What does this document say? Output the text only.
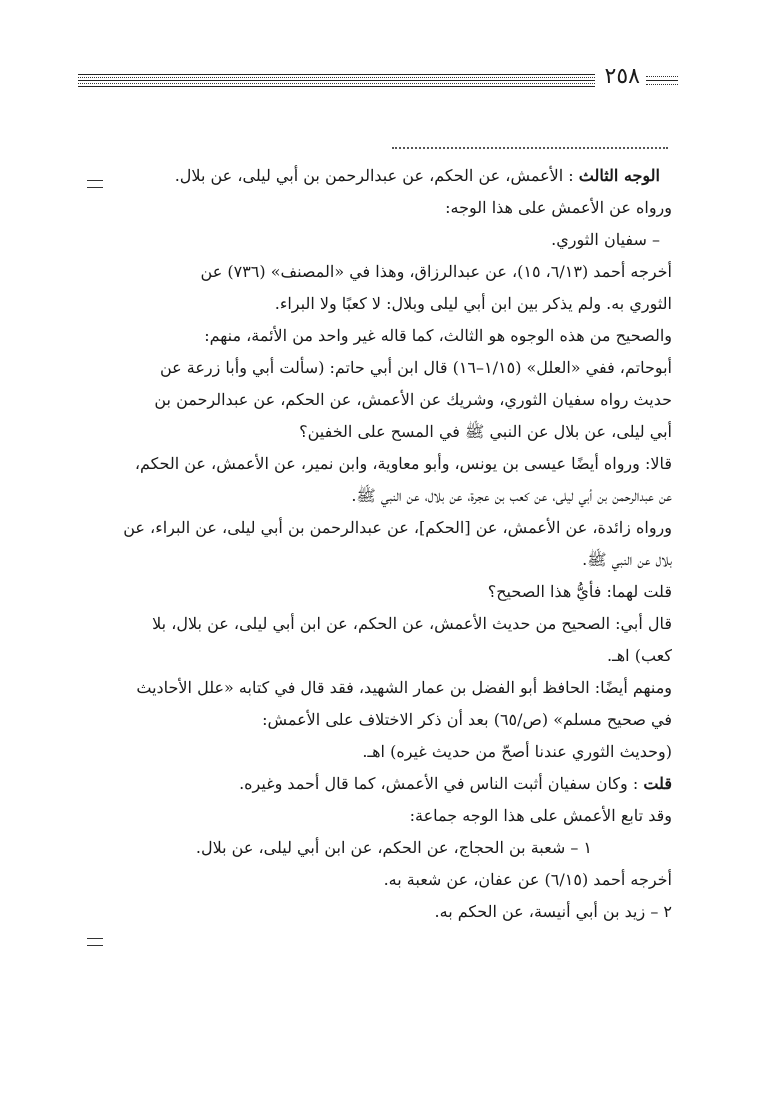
٢٥٨
الوجه الثالث : الأعمش، عن الحكم، عن عبدالرحمن بن أبي ليلى، عن بلال.
ورواه عن الأعمش على هذا الوجه:
– سفيان الثوري.
أخرجه أحمد (٦/١٣، ١٥)، عن عبدالرزاق، وهذا في «المصنف» (٧٣٦) عن
الثوري به. ولم يذكر بين ابن أبي ليلى وبلال: لا كعبًا ولا البراء.
والصحيح من هذه الوجوه هو الثالث، كما قاله غير واحد من الأئمة، منهم:
أبوحاتم، ففي «العلل» (١/١٥–١٦) قال ابن أبي حاتم: (سألت أبي وأبا زرعة عن
حديث رواه سفيان الثوري، وشريك عن الأعمش، عن الحكم، عن عبدالرحمن بن
أبي ليلى، عن بلال عن النبي ﷺ في المسح على الخفين؟
قالا: ورواه أيضًا عيسى بن يونس، وأبو معاوية، وابن نمير، عن الأعمش، عن الحكم،
عن عبدالرحمن بن أبي ليلى، عن كعب بن عجرة، عن بلال، عن النبي ﷺ.
ورواه زائدة، عن الأعمش، عن [الحكم]، عن عبدالرحمن بن أبي ليلى، عن البراء، عن
بلال عن النبي ﷺ.
قلت لهما: فأيُّ هذا الصحيح؟
قال أبي: الصحيح من حديث الأعمش، عن الحكم، عن ابن أبي ليلى، عن بلال، بلا
كعب) اهـ.
ومنهم أيضًا: الحافظ أبو الفضل بن عمار الشهيد، فقد قال في كتابه «علل الأحاديث
في صحيح مسلم» (ص/٦٥) بعد أن ذكر الاختلاف على الأعمش:
(وحديث الثوري عندنا أصحّ من حديث غيره) اهـ.
قلت : وكان سفيان أثبت الناس في الأعمش، كما قال أحمد وغيره.
وقد تابع الأعمش على هذا الوجه جماعة:
١ – شعبة بن الحجاج، عن الحكم، عن ابن أبي ليلى، عن بلال.
أخرجه أحمد (٦/١٥) عن عفان، عن شعبة به.
٢ – زيد بن أبي أنيسة، عن الحكم به.
